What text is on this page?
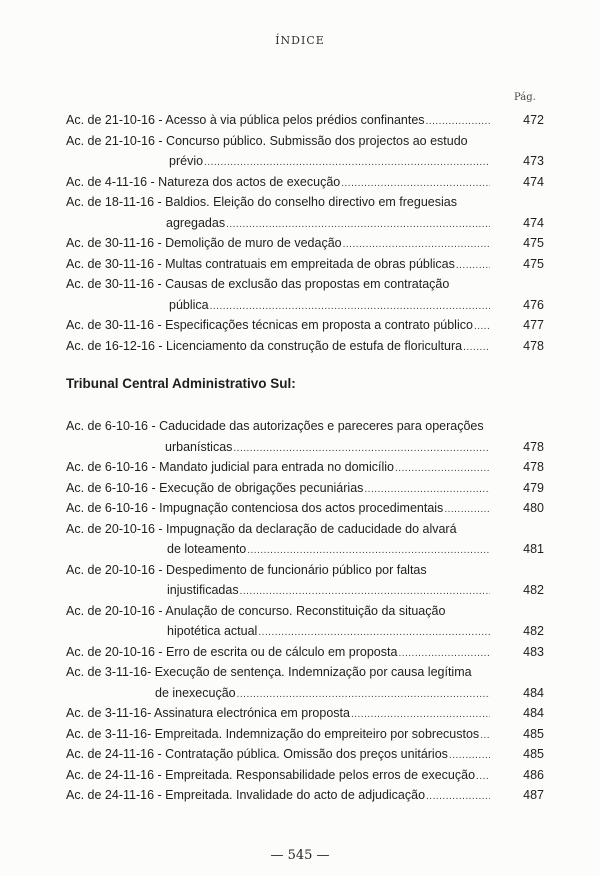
ÍNDICE
Pág.
Ac. de 21-10-16 - Acesso à via pública pelos prédios confinantes .....	472
Ac. de 21-10-16 - Concurso público. Submissão dos projectos ao estudo
prévio .....	473
Ac. de 4-11-16 - Natureza dos actos de execução .....	474
Ac. de 18-11-16 - Baldios. Eleição do conselho directivo em freguesias
agregadas .....	474
Ac. de 30-11-16 - Demolição de muro de vedação .....	475
Ac. de 30-11-16 - Multas contratuais em empreitada de obras públicas .....	475
Ac. de 30-11-16 - Causas de exclusão das propostas em contratação
pública .....	476
Ac. de 30-11-16 - Especificações técnicas em proposta a contrato público .....	477
Ac. de 16-12-16 - Licenciamento da construção de estufa de floricultura .....	478
Tribunal Central Administrativo Sul:
Ac. de 6-10-16 - Caducidade das autorizações e pareceres para operações
urbanísticas .....	478
Ac. de 6-10-16 - Mandato judicial para entrada no domicílio .....	478
Ac. de 6-10-16 - Execução de obrigações pecuniárias .....	479
Ac. de 6-10-16 - Impugnação contenciosa dos actos procedimentais .....	480
Ac. de 20-10-16 - Impugnação da declaração de caducidade do alvará
de loteamento .....	481
Ac. de 20-10-16 - Despedimento de funcionário público por faltas
injustificadas .....	482
Ac. de 20-10-16 - Anulação de concurso. Reconstituição da situação
hipotética actual .....	482
Ac. de 20-10-16 - Erro de escrita ou de cálculo em proposta .....	483
Ac. de 3-11-16- Execução de sentença. Indemnização por causa legítima
de inexecução .....	484
Ac. de 3-11-16- Assinatura electrónica em proposta .....	484
Ac. de 3-11-16- Empreitada. Indemnização do empreiteiro por sobrecustos .....	485
Ac. de 24-11-16 - Contratação pública. Omissão dos preços unitários .....	485
Ac. de 24-11-16 - Empreitada. Responsabilidade pelos erros de execução .....	486
Ac. de 24-11-16 - Empreitada. Invalidade do acto de adjudicação .....	487
— 545 —
